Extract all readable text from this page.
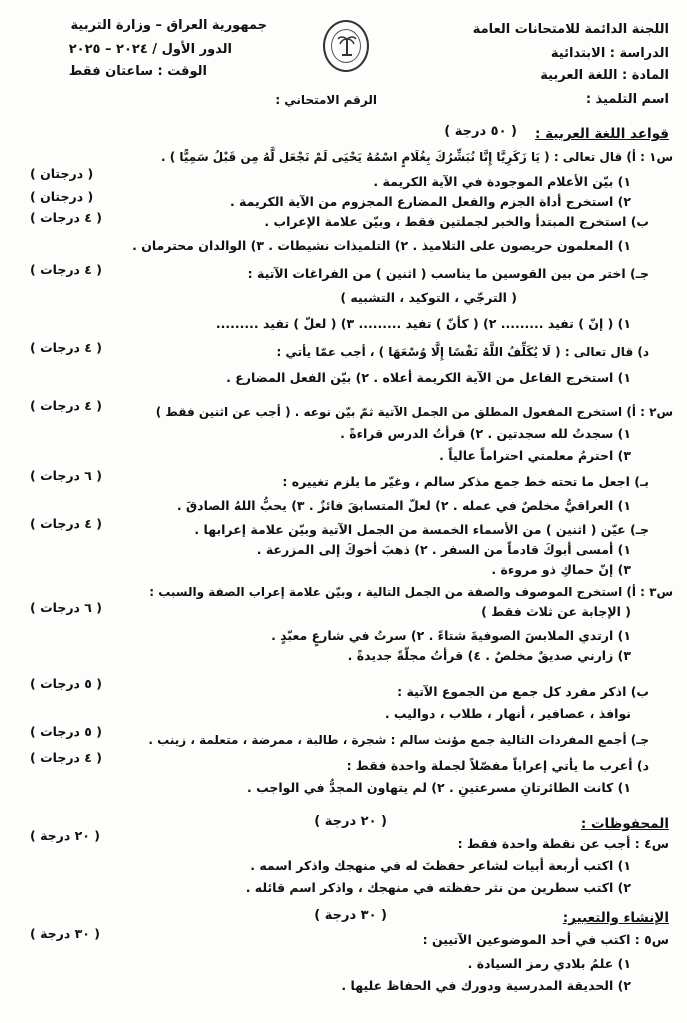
اللجنة الدائمة للامتحانات العامة
الدراسة : الابتدائية
المادة : اللغة العربية
اسم التلميذ :
جمهورية العراق – وزارة التربية
الدور الأول / ٢٠٢٤ – ٢٠٢٥
الوقت : ساعتان فقط
الرقم الامتحاني :
قواعد اللغة العربية :
( ٥٠ درجة )
س١ : أ) قال تعالى : ( يَا زَكَرِيَّا إِنَّا نُبَشِّرُكَ بِغُلَامٍ اسْمُهُ يَحْيَى لَمْ نَجْعَل لَّهُ مِن قَبْلُ سَمِيًّا ) .
١) بيّن الأعلام الموجودة في الآية الكريمة .
( درجتان )
٢) استخرج أداة الجزم والفعل المضارع المجزوم من الآية الكريمة .
( درجتان )
ب) استخرج المبتدأ والخبر لجملتين فقط ، وبيّن علامة الإعراب .
( ٤ درجات )
١) المعلمون حريصون على التلاميذ . ٢) التلميذات نشيطات . ٣) الوالدان محترمان .
جـ) اختر من بين القوسين ما يناسب ( اثنين ) من الفراغات الآتية :
( ٤ درجات )
( الترجّي ، التوكيد ، التشبيه )
١) ( إنّ ) تفيد ......... ٢) ( كأنّ ) تفيد ......... ٣) ( لعلّ ) تفيد .........
د) قال تعالى : ( لَا يُكَلِّفُ اللَّهُ نَفْسًا إِلَّا وُسْعَهَا ) ، أجب عمّا يأتي :
( ٤ درجات )
١) استخرج الفاعل من الآية الكريمة أعلاه . ٢) بيّن الفعل المضارع .
س٢ : أ) استخرج المفعول المطلق من الجمل الآتية ثمّ بيّن نوعه . ( أجب عن اثنين فقط )
( ٤ درجات )
١) سجدتُ لله سجدتين . ٢) قرأتُ الدرس قراءةً .
٣) احترمُ معلمتي احتراماً عالياً .
بـ) اجعل ما تحته خط جمع مذكر سالم ، وغيّر ما يلزم تغييره :
( ٦ درجات )
١) العراقيُّ مخلصٌ في عمله . ٢) لعلّ المتسابقَ فائزٌ . ٣) يحبُّ اللهُ الصادقَ .
جـ) عيّن ( اثنين ) من الأسماء الخمسة من الجمل الآتية وبيّن علامة إعرابها .
( ٤ درجات )
١) أمسى أبوكَ قادماً من السفر . ٢) ذهبَ أخوكَ إلى المزرعة .
٣) إنّ حماكِ ذو مروءة .
س٣ : أ) استخرج الموصوف والصفة من الجمل التالية ، وبيّن علامة إعراب الصفة والسبب :
( الإجابة عن ثلاث فقط )
( ٦ درجات )
١) ارتدي الملابسَ الصوفيةَ شتاءً . ٢) سرتُ في شارعٍ معبّدٍ .
٣) زارني صديقٌ مخلصٌ . ٤) قرأتُ مجلّةً جديدةً .
ب) اذكر مفرد كل جمع من الجموع الآتية :
( ٥ درجات )
نوافذ ، عصافير ، أنهار ، طلاب ، دواليب .
جـ) أجمع المفردات التالية جمع مؤنث سالم : شجرة ، طالبة ، ممرضة ، متعلمة ، زينب .
( ٥ درجات )
د) أعرب ما يأتي إعراباً مفصّلاً لجملة واحدة فقط :
( ٤ درجات )
١) كانت الطائرتانِ مسرعتينِ . ٢) لم يتهاون المجدُّ في الواجب .
المحفوظات :
( ٢٠ درجة )
س٤ : أجب عن نقطة واحدة فقط :
( ٢٠ درجة )
١) اكتب أربعة أبيات لشاعر حفظتَ له في منهجك واذكر اسمه .
٢) اكتب سطرين من نثر حفظته في منهجك ، واذكر اسم قائله .
الإنشاء والتعبير:
( ٣٠ درجة )
س٥ : اكتب في أحد الموضوعين الآتيين :
( ٣٠ درجة )
١) علمُ بلادي رمز السيادة .
٢) الحديقة المدرسية ودورك في الحفاظ عليها .
